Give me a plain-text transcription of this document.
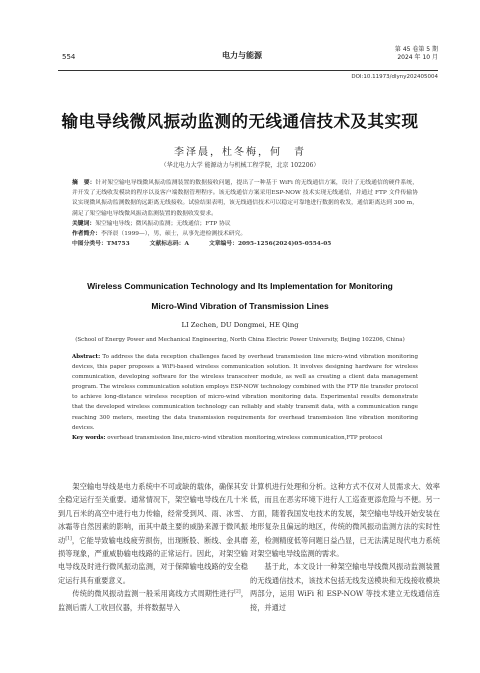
554	电力与能源
第 45 卷第 5 期
2024 年 10 月
DOI:10.11973/dlyny202405004
输电导线微风振动监测的无线通信技术及其实现
李泽晨，杜冬梅，何　青
（华北电力大学 能源动力与机械工程学院，北京 102206）

摘　要：针对架空输电导线微风振动监测装置的数据接收问题，提出了一种基于 WiFi 的无线通信方案，设计了无线通信的硬件系统，并开发了无线收发模块的程序以及客户端数据管理程序。该无线通信方案采用ESP-NOW 技术实现无线通信，并通过 FTP 文件传输协议实现微风振动监测数据的远距离无线接收。试验结果表明，该无线通信技术可以稳定可靠地进行数据的收发，通信距离达到 300 m，满足了架空输电导线微风振动监测装置的数据收发要求。

关键词：架空输电导线；微风振动监测；无线通信；FTP 协议

作者简介：李泽晨（1999—），男，硕士，从事先进检测技术研究。

中图分类号：TM753	文献标志码：A	文章编号：2095-1256(2024)05-0554-05

Wireless Communication Technology and Its Implementation for Monitoring
Micro-Wind Vibration of Transmission Lines
LI Zechen, DU Dongmei, HE Qing
(School of Energy Power and Mechanical Engineering, North China Electric Power University, Beijing 102206, China)

Abstract: To address the data reception challenges faced by overhead transmission line micro-wind vibration monitoring devices, this paper proposes a WiFi-based wireless communication solution. It involves designing hardware for wireless communication, developing software for the wireless transceiver module, as well as creating a client data management program. The wireless communication solution employs ESP-NOW technology combined with the FTP file transfer protocol to achieve long-distance wireless reception of micro-wind vibration monitoring data. Experimental results demonstrate that the developed wireless communication technology can reliably and stably transmit data, with a communication range reaching 300 meters, meeting the data transmission requirements for overhead transmission line vibration monitoring devices.

Key words: overhead transmission line,micro-wind vibration monitoring,wireless communication,FTP protocol

架空输电导线是电力系统中不可或缺的载体，确保其安全稳定运行至关重要。通常情况下，架空输电导线在几十米到几百米的高空中进行电力传输，经常受到风、雨、冰雪、冰霜等自然因素的影响，而其中最主要的威胁来源于微风振动[1]，它能导致输电线疲劳损伤，出现断股、断线、金具磨损等现象，严重威胁输电线路的正常运行。因此，对架空输电导线及时进行微风振动监测，对于保障输电线路的安全稳定运行具有重要意义。

传统的微风振动监测一般采用离线方式周期性进行[2]，监测后需人工收回仪器，并将数据导入

计算机进行处理和分析。这种方式不仅对人员需求大、效率低，而且在恶劣环境下进行人工巡查更添危险与不便。另一方面，随着我国发电技术的发展，架空输电导线开始安装在地形复杂且偏远的地区，传统的微风振动监测方法的实时性差，检测精度低等问题日益凸显，已无法满足现代电力系统对架空输电导线监测的需求。

基于此，本文设计一种架空输电导线微风振动监测装置的无线通信技术，该技术包括无线发送模块和无线接收模块两部分，运用 WiFi 和 ESP-NOW 等技术建立无线通信连接，并通过
